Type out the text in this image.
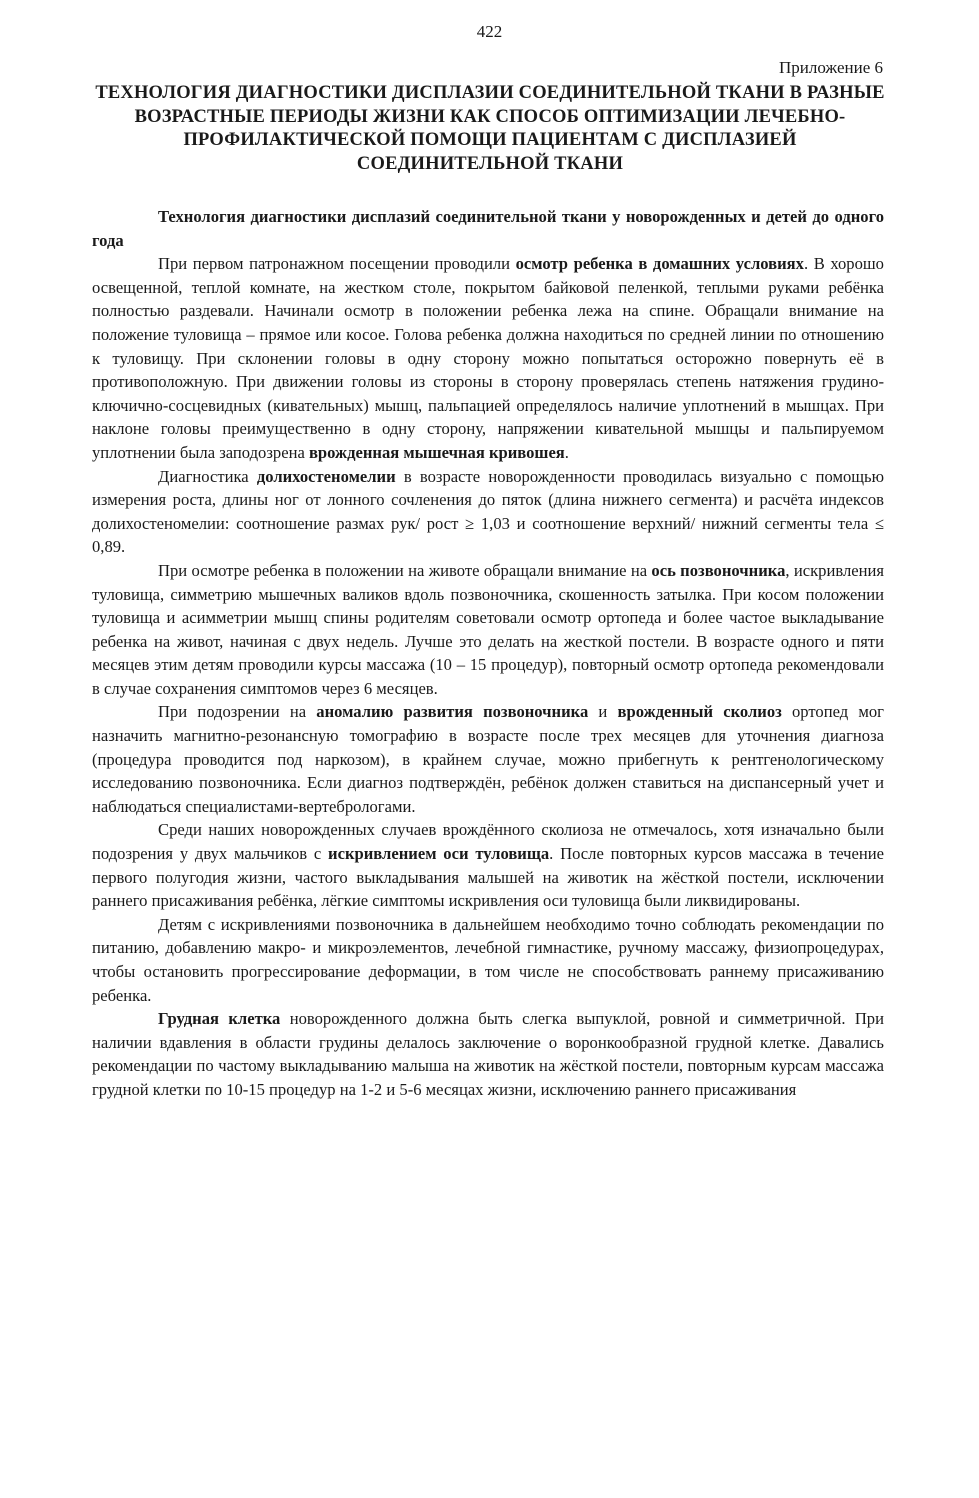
422
Приложение 6
ТЕХНОЛОГИЯ ДИАГНОСТИКИ ДИСПЛАЗИИ СОЕДИНИТЕЛЬНОЙ ТКАНИ В РАЗНЫЕ ВОЗРАСТНЫЕ ПЕРИОДЫ ЖИЗНИ КАК СПОСОБ ОПТИМИЗАЦИИ ЛЕЧЕБНО-ПРОФИЛАКТИЧЕСКОЙ ПОМОЩИ ПАЦИЕНТАМ С ДИСПЛАЗИЕЙ СОЕДИНИТЕЛЬНОЙ ТКАНИ

Технология диагностики дисплазий соединительной ткани у новорожденных и детей до одного года

При первом патронажном посещении проводили осмотр ребенка в домашних условиях. В хорошо освещенной, теплой комнате, на жестком столе, покрытом байковой пеленкой, теплыми руками ребёнка полностью раздевали. Начинали осмотр в положении ребенка лежа на спине. Обращали внимание на положение туловища – прямое или косое. Голова ребенка должна находиться по средней линии по отношению к туловищу. При склонении головы в одну сторону можно попытаться осторожно повернуть её в противоположную. При движении головы из стороны в сторону проверялась степень натяжения грудино-ключично-сосцевидных (кивательных) мышц, пальпацией определялось наличие уплотнений в мышцах. При наклоне головы преимущественно в одну сторону, напряжении кивательной мышцы и пальпируемом уплотнении была заподозрена врожденная мышечная кривошея.

Диагностика долихостеномелии в возрасте новорожденности проводилась визуально с помощью измерения роста, длины ног от лонного сочленения до пяток (длина нижнего сегмента) и расчёта индексов долихостеномелии: соотношение размах рук/ рост ≥ 1,03 и соотношение верхний/ нижний сегменты тела ≤ 0,89.

При осмотре ребенка в положении на животе обращали внимание на ось позвоночника, искривления туловища, симметрию мышечных валиков вдоль позвоночника, скошенность затылка. При косом положении туловища и асимметрии мышц спины родителям советовали осмотр ортопеда и более частое выкладывание ребенка на живот, начиная с двух недель. Лучше это делать на жесткой постели. В возрасте одного и пяти месяцев этим детям проводили курсы массажа (10 – 15 процедур), повторный осмотр ортопеда рекомендовали в случае сохранения симптомов через 6 месяцев.

При подозрении на аномалию развития позвоночника и врожденный сколиоз ортопед мог назначить магнитно-резонансную томографию в возрасте после трех месяцев для уточнения диагноза (процедура проводится под наркозом), в крайнем случае, можно прибегнуть к рентгенологическому исследованию позвоночника. Если диагноз подтверждён, ребёнок должен ставиться на диспансерный учет и наблюдаться специалистами-вертебрологами.

Среди наших новорожденных случаев врождённого сколиоза не отмечалось, хотя изначально были подозрения у двух мальчиков с искривлением оси туловища. После повторных курсов массажа в течение первого полугодия жизни, частого выкладывания малышей на животик на жёсткой постели, исключении раннего присаживания ребёнка, лёгкие симптомы искривления оси туловища были ликвидированы.

Детям с искривлениями позвоночника в дальнейшем необходимо точно соблюдать рекомендации по питанию, добавлению макро- и микроэлементов, лечебной гимнастике, ручному массажу, физиопроцедурах, чтобы остановить прогрессирование деформации, в том числе не способствовать раннему присаживанию ребенка.

Грудная клетка новорожденного должна быть слегка выпуклой, ровной и симметричной. При наличии вдавления в области грудины делалось заключение о воронкообразной грудной клетке. Давались рекомендации по частому выкладыванию малыша на животик на жёсткой постели, повторным курсам массажа грудной клетки по 10-15 процедур на 1-2 и 5-6 месяцах жизни, исключению раннего присаживания
